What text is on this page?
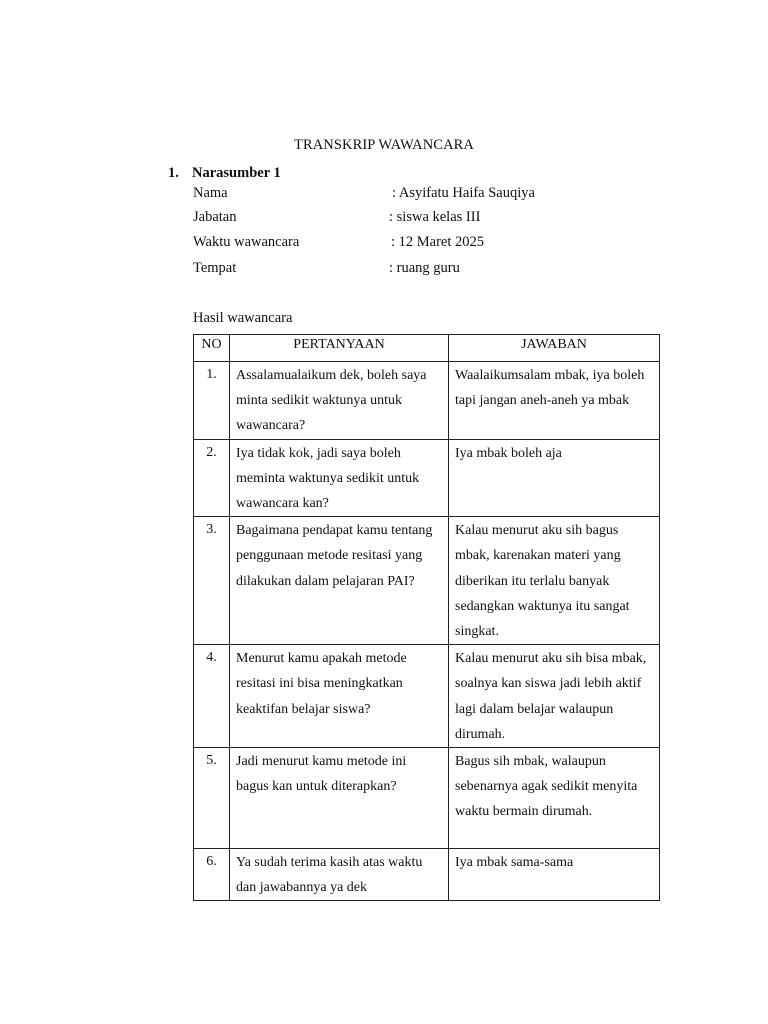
TRANSKRIP WAWANCARA
1. Narasumber 1
Nama	: Asyifatu Haifa Sauqiya
Jabatan	: siswa kelas III
Waktu wawancara	: 12 Maret 2025
Tempat	: ruang guru
Hasil wawancara
NO	PERTANYAAN	JAWABAN
1.	Assalamualaikum dek, boleh saya minta sedikit waktunya untuk wawancara?	Waalaikumsalam mbak, iya boleh tapi jangan aneh-aneh ya mbak
2.	Iya tidak kok, jadi saya boleh meminta waktunya sedikit untuk wawancara kan?	Iya mbak boleh aja
3.	Bagaimana pendapat kamu tentang penggunaan metode resitasi yang dilakukan dalam pelajaran PAI?	Kalau menurut aku sih bagus mbak, karenakan materi yang diberikan itu terlalu banyak sedangkan waktunya itu sangat singkat.
4.	Menurut kamu apakah metode resitasi ini bisa meningkatkan keaktifan belajar siswa?	Kalau menurut aku sih bisa mbak, soalnya kan siswa jadi lebih aktif lagi dalam belajar walaupun dirumah.
5.	Jadi menurut kamu metode ini bagus kan untuk diterapkan?	Bagus sih mbak, walaupun sebenarnya agak sedikit menyita waktu bermain dirumah.
6.	Ya sudah terima kasih atas waktu dan jawabannya ya dek	Iya mbak sama-sama
